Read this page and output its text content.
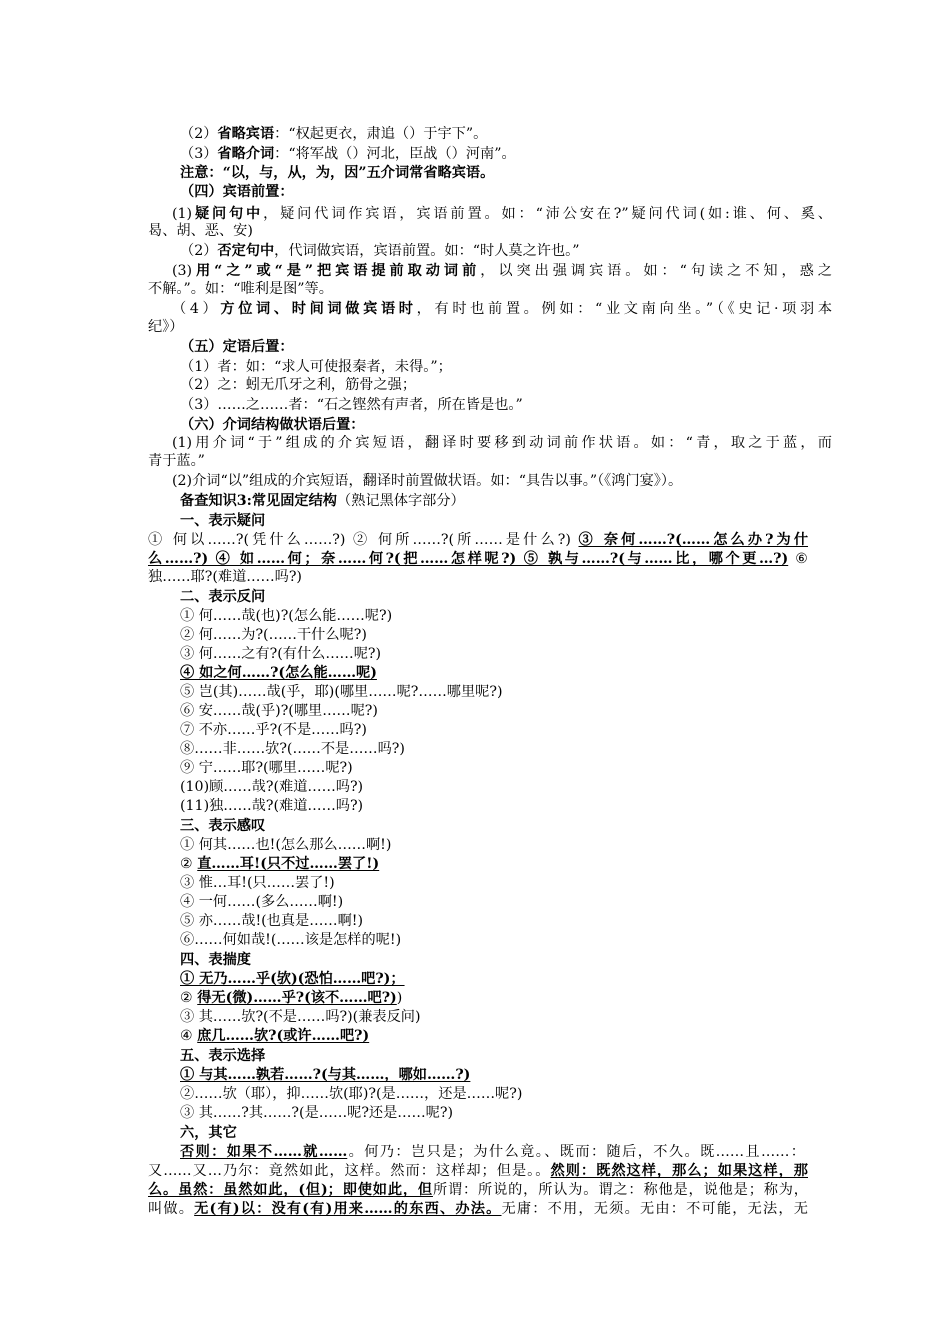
（2）省略宾语：“权起更衣，肃追（）于宇下”。
（3）省略介词：“将军战（）河北，臣战（）河南”。
注意：“以，与，从，为，因”五介词常省略宾语。
（四）宾语前置：
(1)疑问句中，疑问代词作宾语，宾语前置。如：“沛公安在?”疑问代词(如:谁、何、奚、
曷、胡、恶、安)
（2）否定句中，代词做宾语，宾语前置。如：“时人莫之许也。”
(3)用“之”或“是”把宾语提前取动词前，以突出强调宾语。如：“句读之不知，惑之
不解。”。如：“唯利是图”等。
（4）方位词、时间词做宾语时，有时也前置。例如：“业文南向坐。”（《史记·项羽本
纪》）
（五）定语后置：
（1）者：如：“求人可使报秦者，未得。”；
（2）之：蚓无爪牙之利，筋骨之强；
（3）……之……者：“石之铿然有声者，所在皆是也。”
（六）介词结构做状语后置：
(1)用介词“于”组成的介宾短语，翻译时要移到动词前作状语。如：“青，取之于蓝，而
青于蓝。”
(2)介词“以”组成的介宾短语，翻译时前置做状语。如：“具告以事。”（《鸿门宴》）。
备查知识3:常见固定结构（熟记黑体字部分）
一、表示疑问
① 何以……?(凭什么……?) ② 何所……?(所……是什么?) ③ 奈何……?(……怎么办?为什
么……?) ④ 如……何；奈……何?(把……怎样呢?) ⑤ 孰与……?(与……比，哪个更…?) ⑥
独……耶?(难道……吗?)
二、表示反问
① 何……哉(也)?(怎么能……呢?)
② 何……为?(……干什么呢?)
③ 何……之有?(有什么……呢?)
④ 如之何……?(怎么能……呢)
⑤ 岂(其)……哉(乎，耶)(哪里……呢?……哪里呢?)
⑥ 安……哉(乎)?(哪里……呢?)
⑦ 不亦……乎?(不是……吗?)
⑧……非……欤?(……不是……吗?)
⑨ 宁……耶?(哪里……呢?)
(10)顾……哉?(难道……吗?)
(11)独……哉?(难道……吗?)
三、表示感叹
① 何其……也!(怎么那么……啊!)
② 直……耳!(只不过……罢了!)
③ 惟…耳!(只……罢了!)
④ 一何……(多么……啊!)
⑤ 亦……哉!(也真是……啊!)
⑥……何如哉!(……该是怎样的呢!)
四、表揣度
① 无乃……乎(欤)(恐怕……吧?)；
② 得无(微)……乎?(该不……吧?))
③ 其……欤?(不是……吗?)(兼表反问)
④ 庶几……欤?(或许……吧?)
五、表示选择
① 与其……孰若……?(与其……，哪如……?)
②……欤（耶），抑……欤(耶)?(是……，还是……呢?)
③ 其……?其……?(是……呢?还是……呢?)
六，其它
否则：如果不……就……。何乃：岂只是；为什么竟。、既而：随后，不久。既……且……：
又……又…乃尔：竟然如此，这样。然而：这样却；但是。。然则：既然这样，那么；如果这样，那
么。虽然：虽然如此，(但)；即使如此，但所谓：所说的，所认为。谓之：称他是，说他是；称为，
叫做。无(有)以：没有(有)用来……的东西、办法。无庸：不用，无须。无由：不可能，无法，无
